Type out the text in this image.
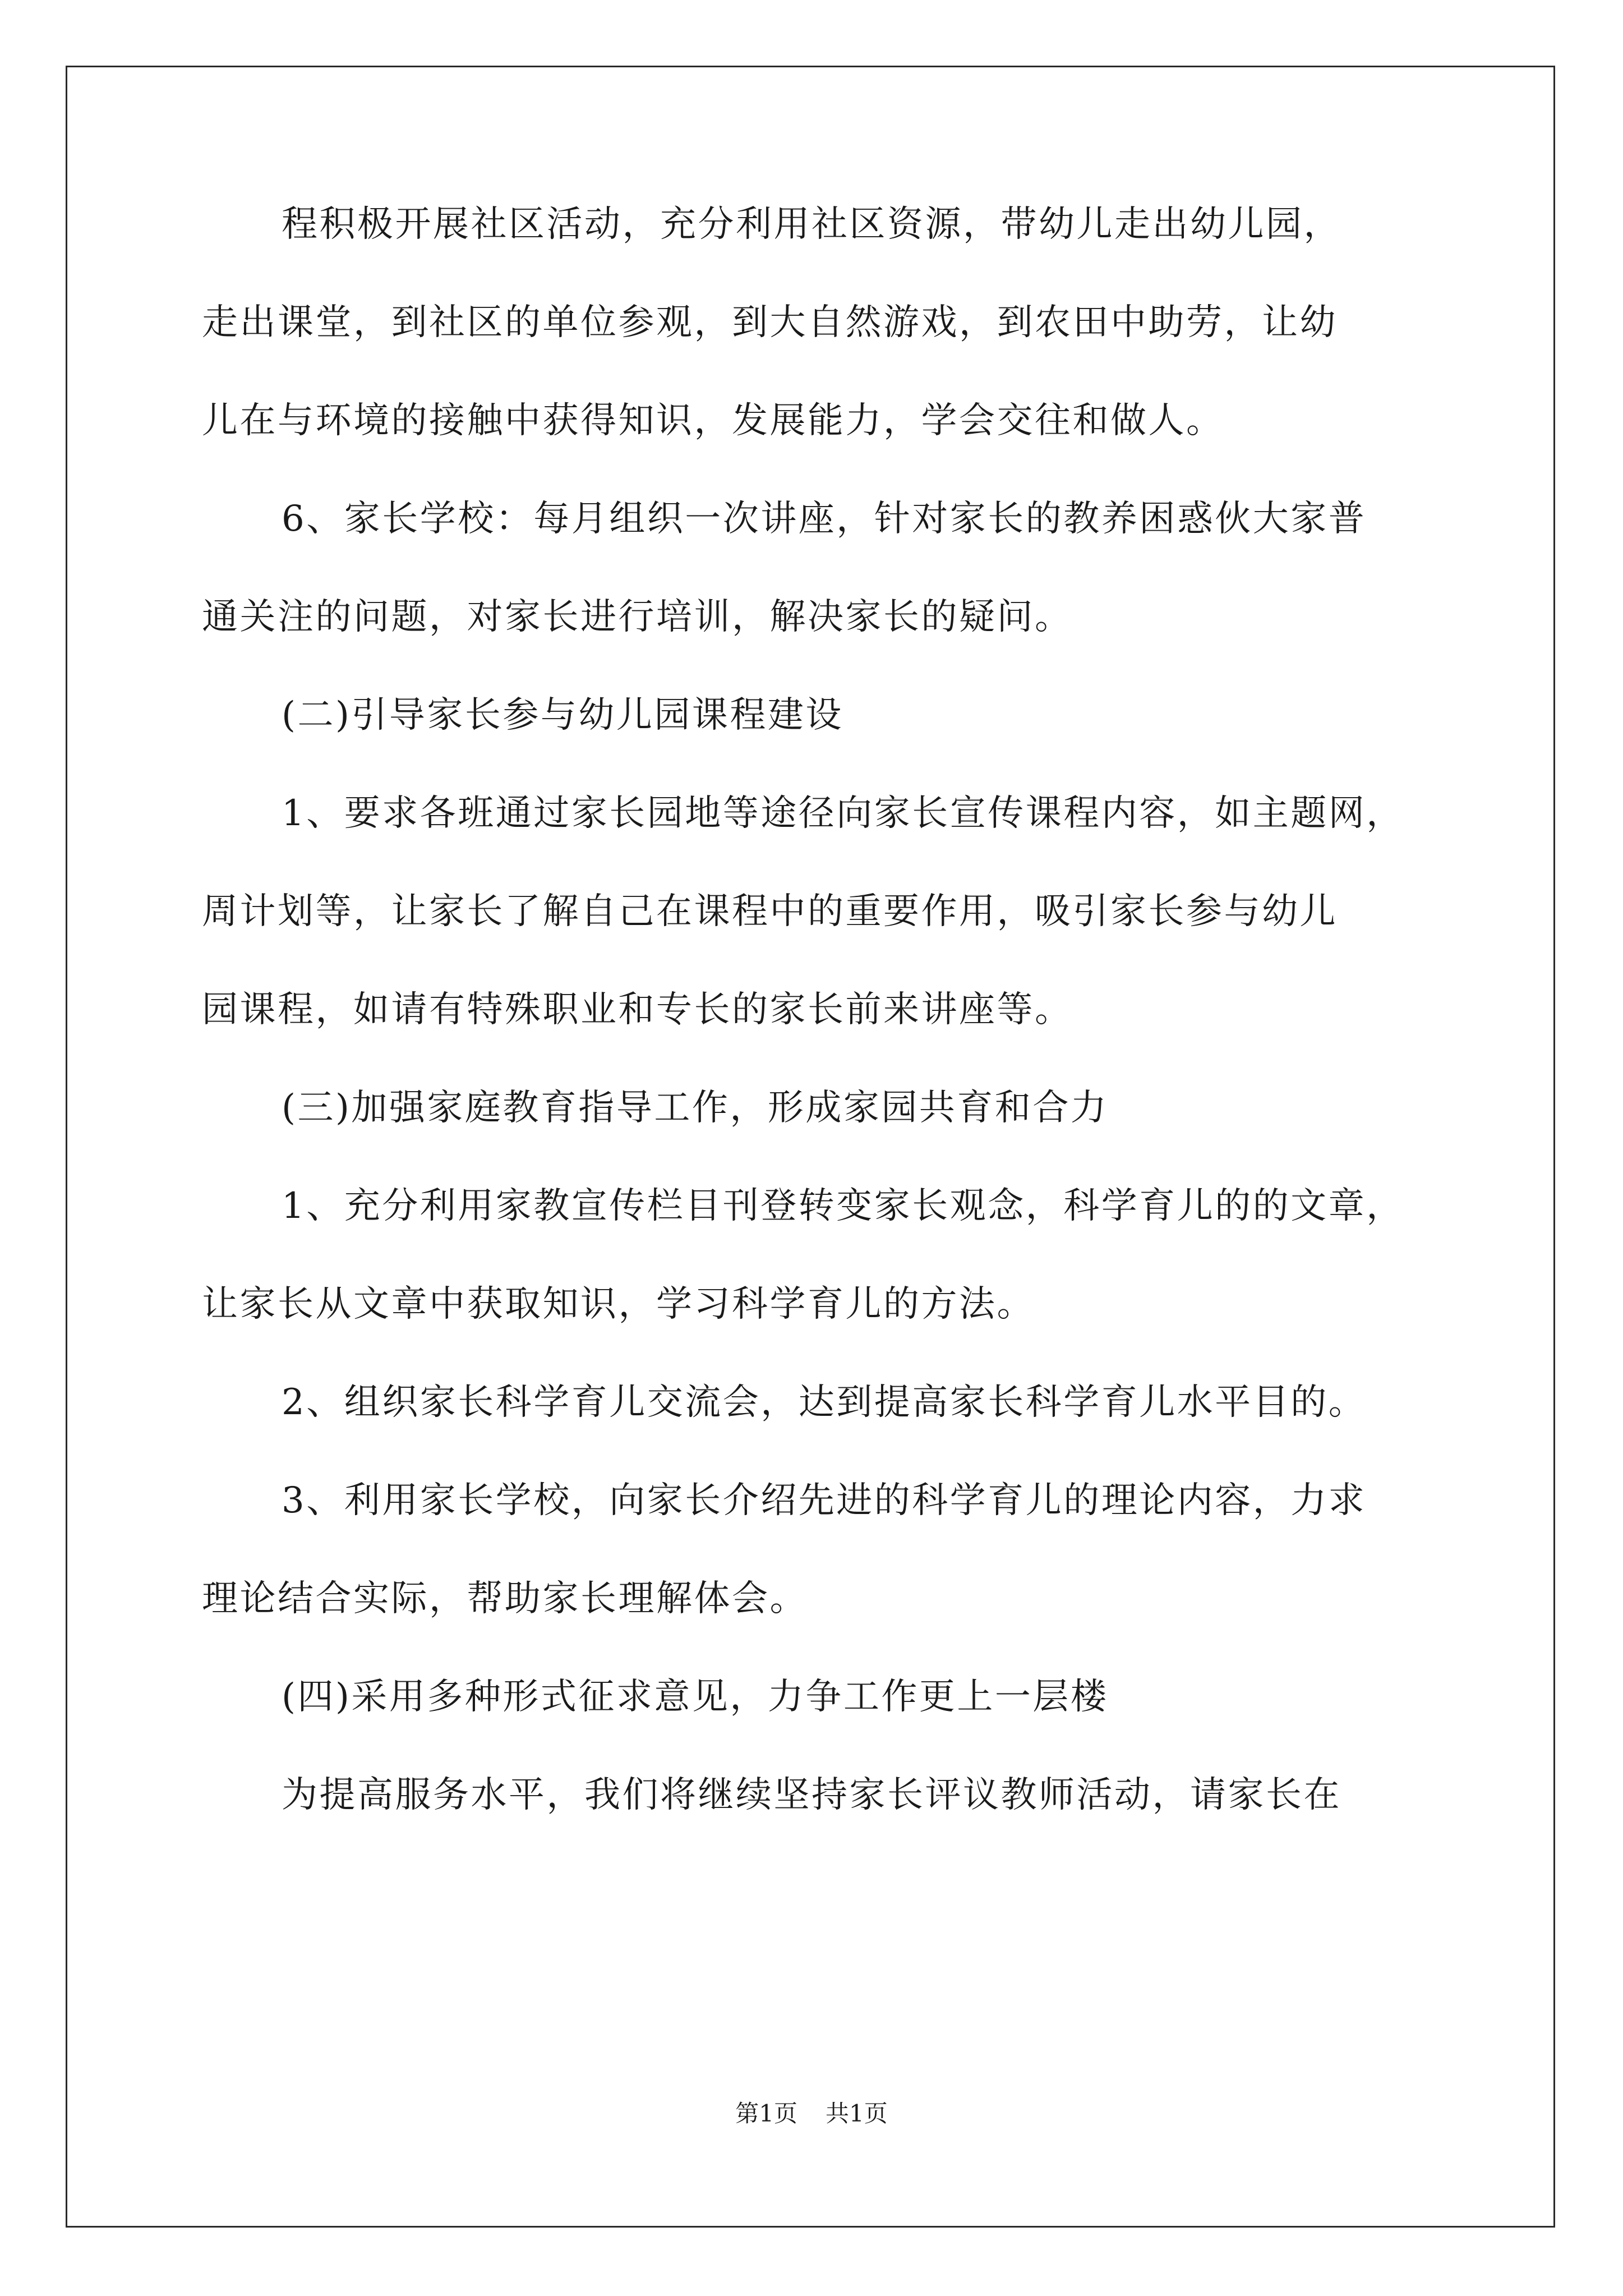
程积极开展社区活动，充分利用社区资源，带幼儿走出幼儿园，
走出课堂，到社区的单位参观，到大自然游戏，到农田中助劳，让幼
儿在与环境的接触中获得知识，发展能力，学会交往和做人。
6、家长学校：每月组织一次讲座，针对家长的教养困惑伙大家普
通关注的问题，对家长进行培训，解决家长的疑问。
(二)引导家长参与幼儿园课程建设
1、要求各班通过家长园地等途径向家长宣传课程内容，如主题网，
周计划等，让家长了解自己在课程中的重要作用，吸引家长参与幼儿
园课程，如请有特殊职业和专长的家长前来讲座等。
(三)加强家庭教育指导工作，形成家园共育和合力
1、充分利用家教宣传栏目刊登转变家长观念，科学育儿的的文章，
让家长从文章中获取知识，学习科学育儿的方法。
2、组织家长科学育儿交流会，达到提高家长科学育儿水平目的。
3、利用家长学校，向家长介绍先进的科学育儿的理论内容，力求
理论结合实际，帮助家长理解体会。
(四)采用多种形式征求意见，力争工作更上一层楼
为提高服务水平，我们将继续坚持家长评议教师活动，请家长在
第1页 共1页
